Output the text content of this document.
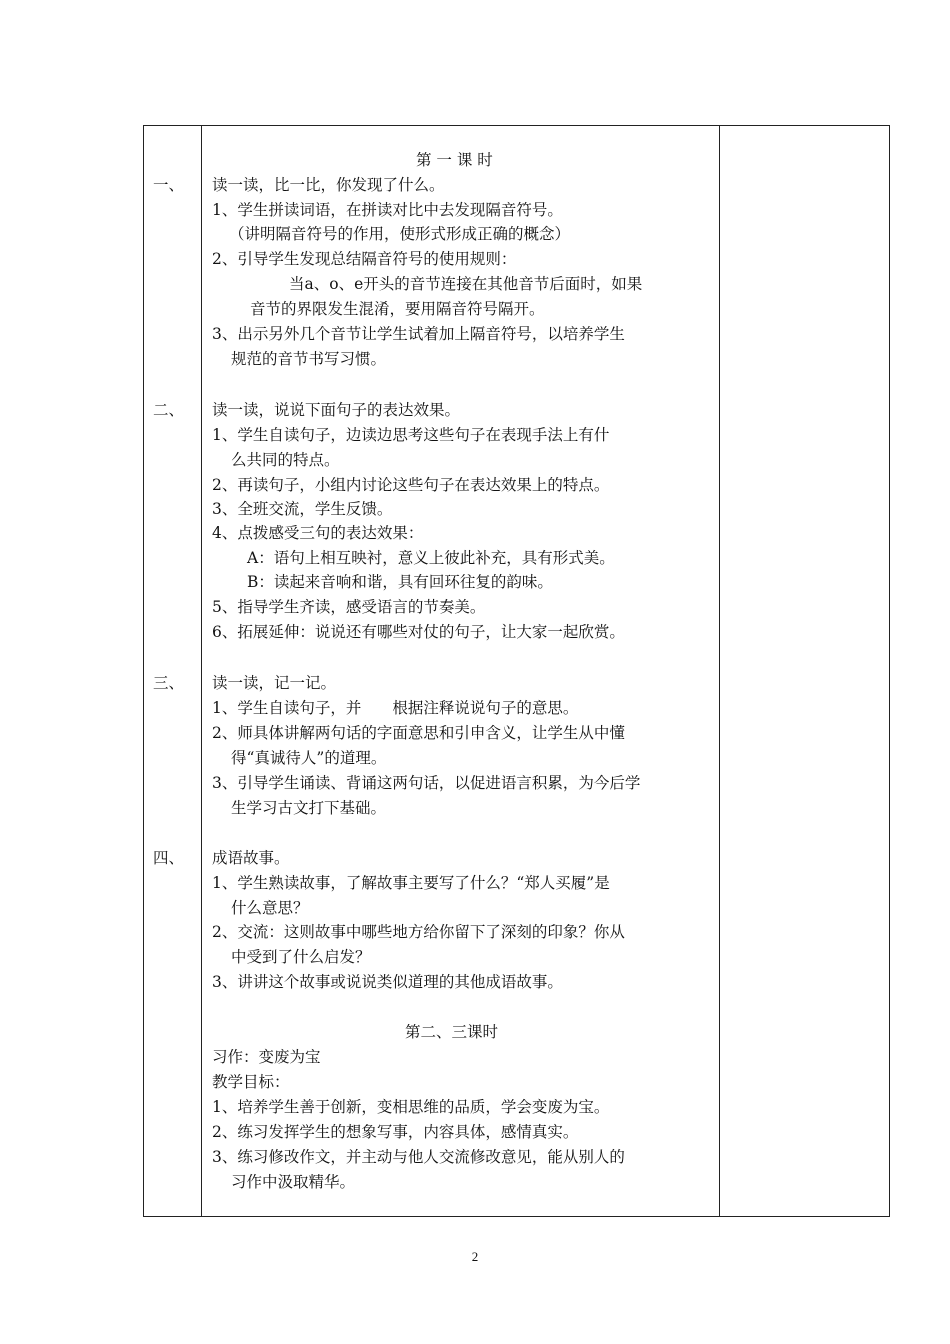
第 一 课 时
一、 读一读，比一比，你发现了什么。
1、学生拼读词语，在拼读对比中去发现隔音符号。
（讲明隔音符号的作用，使形式形成正确的概念）
2、引导学生发现总结隔音符号的使用规则：
当a、o、e开头的音节连接在其他音节后面时，如果
音节的界限发生混淆，要用隔音符号隔开。
3、出示另外几个音节让学生试着加上隔音符号，以培养学生
规范的音节书写习惯。
二、 读一读，说说下面句子的表达效果。
1、学生自读句子，边读边思考这些句子在表现手法上有什
么共同的特点。
2、再读句子，小组内讨论这些句子在表达效果上的特点。
3、全班交流，学生反馈。
4、点拨感受三句的表达效果：
A：语句上相互映衬，意义上彼此补充，具有形式美。
B：读起来音响和谐，具有回环往复的韵味。
5、指导学生齐读，感受语言的节奏美。
6、拓展延伸：说说还有哪些对仗的句子，让大家一起欣赏。
三、 读一读，记一记。
1、学生自读句子，并　　根据注释说说句子的意思。
2、师具体讲解两句话的字面意思和引申含义，让学生从中懂
得“真诚待人”的道理。
3、引导学生诵读、背诵这两句话，以促进语言积累，为今后学
生学习古文打下基础。
四、 成语故事。
1、学生熟读故事，了解故事主要写了什么？“郑人买履”是
什么意思？
2、交流：这则故事中哪些地方给你留下了深刻的印象？你从
中受到了什么启发？
3、讲讲这个故事或说说类似道理的其他成语故事。
第二、三课时
习作：变废为宝
教学目标：
1、培养学生善于创新，变相思维的品质，学会变废为宝。
2、练习发挥学生的想象写事，内容具体，感情真实。
3、练习修改作文，并主动与他人交流修改意见，能从别人的
习作中汲取精华。
2
